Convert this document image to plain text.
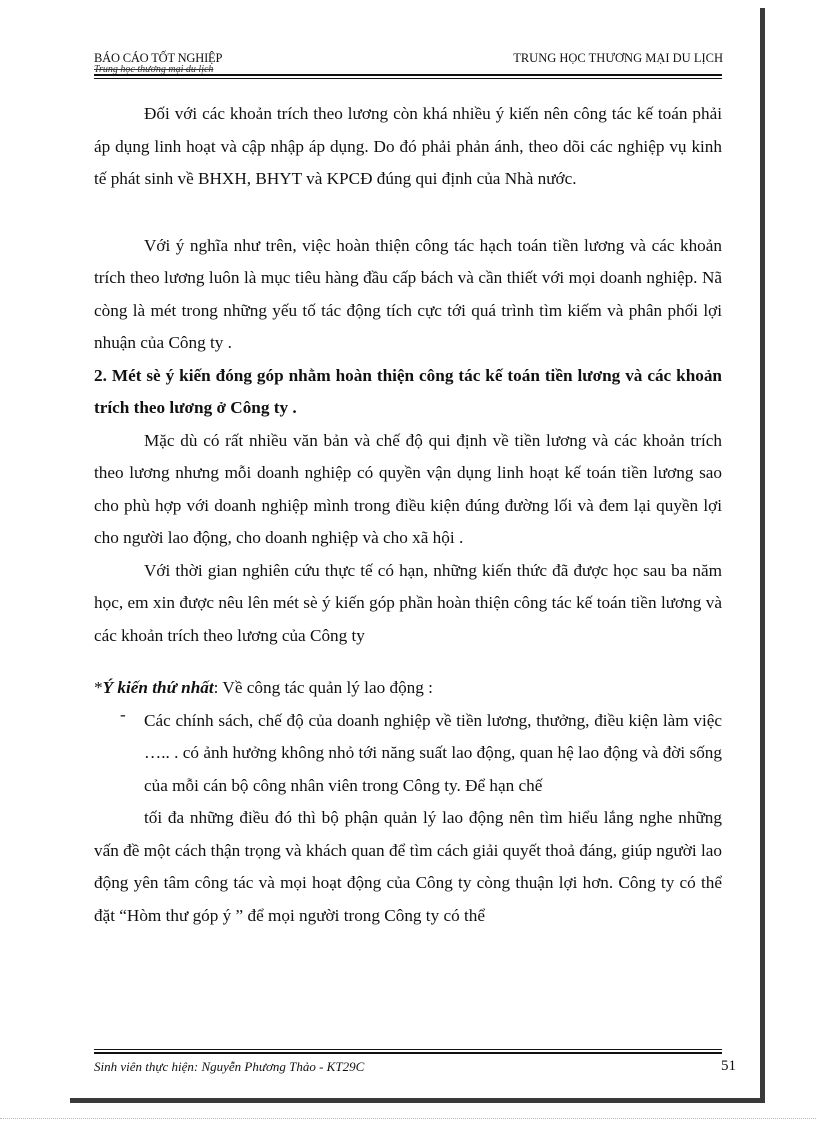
BÁO CÁO TỐT NGHIỆP
Trung học thương mại du lịch
TRUNG HỌC THƯƠNG MẠI DU LỊCH

Đối với các khoản trích theo lương còn khá nhiều ý kiến nên công tác kế toán phải áp dụng linh hoạt và cập nhập áp dụng. Do đó phải phản ánh, theo dõi các nghiệp vụ kinh tế phát sinh về BHXH, BHYT và KPCĐ đúng qui định của Nhà nước.

Với ý nghĩa như trên, việc hoàn thiện công tác hạch toán tiền lương và các khoản trích theo lương luôn là mục tiêu hàng đầu cấp bách và cần thiết với mọi doanh nghiệp. Nã còng là mét trong những yếu tố tác động tích cực tới quá trình tìm kiếm và phân phối lợi nhuận của Công ty .

2. Mét sè ý kiến đóng góp nhằm hoàn thiện công tác kế toán tiền lương và các khoản trích theo lương ở Công ty .

Mặc dù có rất nhiều văn bản và chế độ qui định về tiền lương và các khoản trích theo lương nhưng mỗi doanh nghiệp có quyền vận dụng linh hoạt kế toán tiền lương sao cho phù hợp với doanh nghiệp mình trong điều kiện đúng đường lối và đem lại quyền lợi cho người lao động, cho doanh nghiệp và cho xã hội .

Với thời gian nghiên cứu thực tế có hạn, những kiến thức đã được học sau ba năm học, em xin được nêu lên mét sè ý kiến góp phần hoàn thiện công tác kế toán tiền lương và các khoản trích theo lương của Công ty

*Ý kiến thứ nhất: Về công tác quản lý lao động :

-	Các chính sách, chế độ của doanh nghiệp về tiền lương, thưởng, điều kiện làm việc ….. . có ảnh hưởng không nhỏ tới năng suất lao động, quan hệ lao động và đời sống của mỗi cán bộ công nhân viên trong Công ty. Để hạn chế

tối đa những điều đó thì bộ phận quản lý lao động nên tìm hiểu lắng nghe những vấn đề một cách thận trọng và khách quan để tìm cách giải quyết thoả đáng, giúp người lao động yên tâm công tác và mọi hoạt động của Công ty còng thuận lợi hơn. Công ty có thể đặt “Hòm thư góp ý ” để mọi người trong Công ty có thể

Sinh viên thực hiện: Nguyễn Phương Thảo - KT29C	51
